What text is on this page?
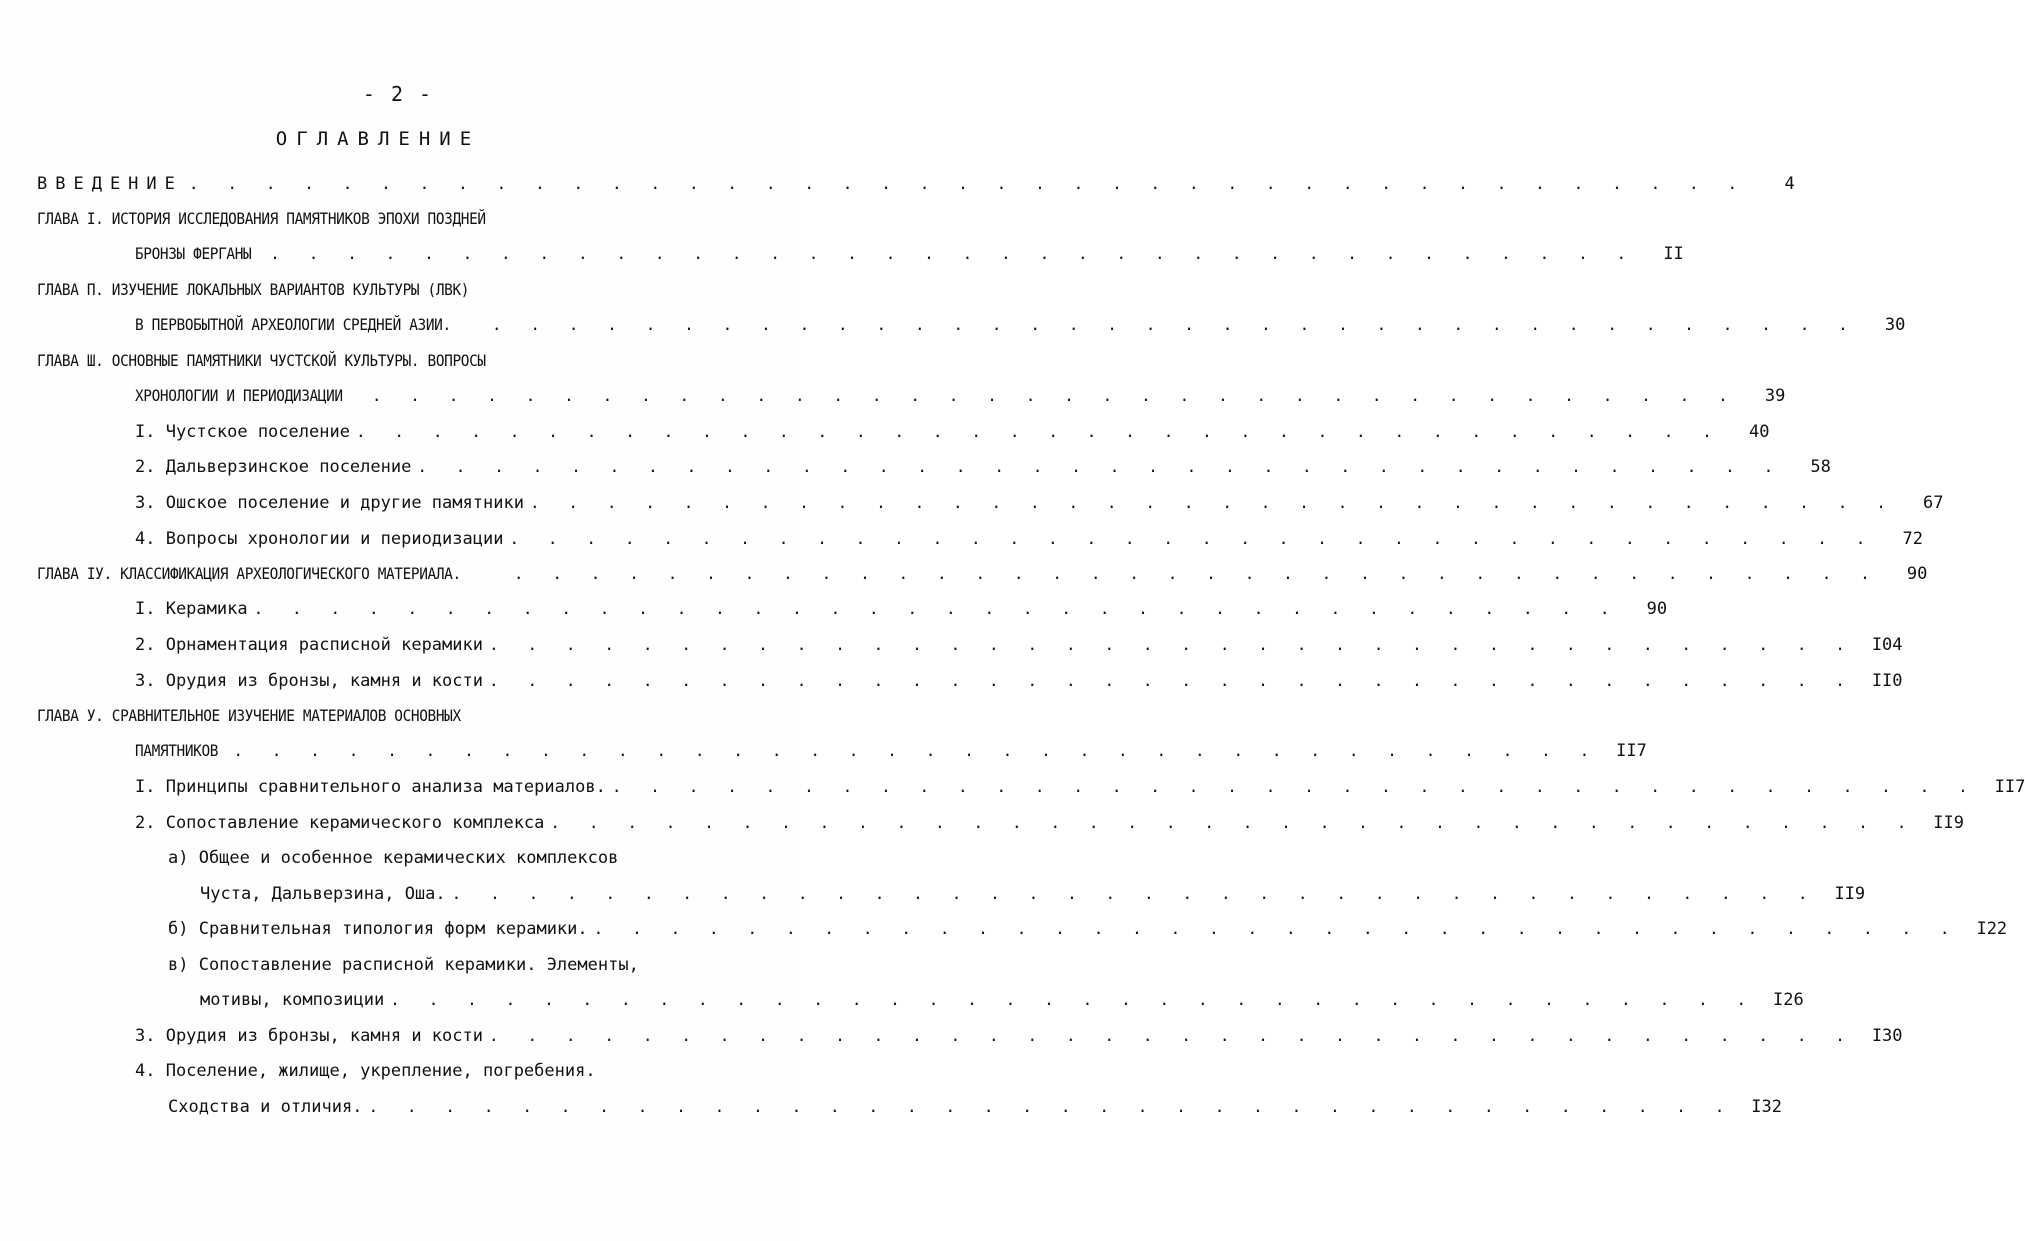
- 2 -
ОГЛАВЛЕНИЕ
ВВЕДЕНИЕ . . . . . . . . . . . . . . . . . . . . . . . . . . . . . . . . . . . . . . . . .	4
ГЛАВА I. ИСТОРИЯ ИССЛЕДОВАНИЯ ПАМЯТНИКОВ ЭПОХИ ПОЗДНЕЙ
БРОНЗЫ ФЕРГАНЫ . . . . . . . . . . . . . . . . . . . . . . . . . . . . . . . . . . . .	II
ГЛАВА П. ИЗУЧЕНИЕ ЛОКАЛЬНЫХ ВАРИАНТОВ КУЛЬТУРЫ (ЛВК)
В ПЕРВОБЫТНОЙ АРХЕОЛОГИИ СРЕДНЕЙ АЗИИ.	. . . . . . . . . . . . . . . . . . . . . . . . . . . . . . . . . . . .	30
ГЛАВА Ш. ОСНОВНЫЕ ПАМЯТНИКИ ЧУСТСКОЙ КУЛЬТУРЫ. ВОПРОСЫ
ХРОНОЛОГИИ И ПЕРИОДИЗАЦИИ . . . . . . . . . . . . . . . . . . . . . . . . . . . . . . . . . . . .	39
I. Чустское поселение . . . . . . . . . . . . . . . . . . . . . . . . . . . . . . . . . . . .	40
2. Дальверзинское поселение . . . . . . . . . . . . . . . . . . . . . . . . . . . . . . . . . . . .	58
3. Ошское поселение и другие памятники . . . . . . . . . . . . . . . . . . . . . . . . . . . . . . . . . . . .	67
4. Вопросы хронологии и периодизации . . . . . . . . . . . . . . . . . . . . . . . . . . . . . . . . . . . .	72
ГЛАВА IУ. КЛАССИФИКАЦИЯ АРХЕОЛОГИЧЕСКОГО МАТЕРИАЛА.	. . . . . . . . . . . . . . . . . . . . . . . . . . . . . . . . . . . .	90
I. Керамика . . . . . . . . . . . . . . . . . . . . . . . . . . . . . . . . . . . .	90
2. Орнаментация расписной керамики . . . . . . . . . . . . . . . . . . . . . . . . . . . . . . . . . . . .	I04
3. Орудия из бронзы, камня и кости . . . . . . . . . . . . . . . . . . . . . . . . . . . . . . . . . . . .	II0
ГЛАВА У. СРАВНИТЕЛЬНОЕ ИЗУЧЕНИЕ МАТЕРИАЛОВ ОСНОВНЫХ
ПАМЯТНИКОВ . . . . . . . . . . . . . . . . . . . . . . . . . . . . . . . . . . . .	II7
I. Принципы сравнительного анализа материалов. . . . . . . . . . . . . . . . . . . . . . . . . . . . . . . . . . . . .	II7
2. Сопоставление керамического комплекса . . . . . . . . . . . . . . . . . . . . . . . . . . . . . . . . . . . .	II9
а) Общее и особенное керамических комплексов
Чуста, Дальверзина, Оша. . . . . . . . . . . . . . . . . . . . . . . . . . . . . . . . . . . . .	II9
б) Сравнительная типология форм керамики. . . . . . . . . . . . . . . . . . . . . . . . . . . . . . . . . . . . .	I22
в) Сопоставление расписной керамики. Элементы,
мотивы, композиции . . . . . . . . . . . . . . . . . . . . . . . . . . . . . . . . . . . .	I26
3. Орудия из бронзы, камня и кости . . . . . . . . . . . . . . . . . . . . . . . . . . . . . . . . . . . .	I30
4. Поселение, жилище, укрепление, погребения.
Сходства и отличия. . . . . . . . . . . . . . . . . . . . . . . . . . . . . . . . . . . . .	I32
